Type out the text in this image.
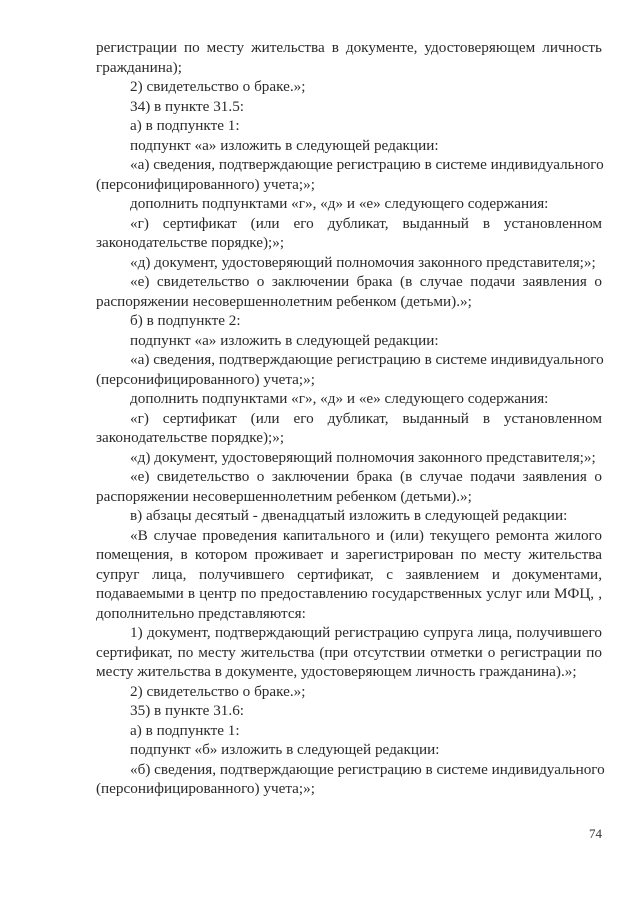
регистрации по месту жительства в документе, удостоверяющем личность
гражданина);
2) свидетельство о браке.»;
34) в пункте 31.5:
а) в подпункте 1:
подпункт «а» изложить в следующей редакции:
«а) сведения, подтверждающие регистрацию в системе индивидуального
(персонифицированного) учета;»;
дополнить подпунктами «г», «д» и «е» следующего содержания:
«г) сертификат (или его дубликат, выданный в установленном
законодательстве порядке);»;
«д) документ, удостоверяющий полномочия законного представителя;»;
«е) свидетельство о заключении брака (в случае подачи заявления о
распоряжении несовершеннолетним ребенком (детьми).»;
б) в подпункте 2:
подпункт «а» изложить в следующей редакции:
«а) сведения, подтверждающие регистрацию в системе индивидуального
(персонифицированного) учета;»;
дополнить подпунктами «г», «д» и «е» следующего содержания:
«г) сертификат (или его дубликат, выданный в установленном
законодательстве порядке);»;
«д) документ, удостоверяющий полномочия законного представителя;»;
«е) свидетельство о заключении брака (в случае подачи заявления о
распоряжении несовершеннолетним ребенком (детьми).»;
в) абзацы десятый - двенадцатый изложить в следующей редакции:
«В случае проведения капитального и (или) текущего ремонта жилого
помещения, в котором проживает и зарегистрирован по месту жительства
супруг лица, получившего сертификат, с заявлением и документами,
подаваемыми в центр по предоставлению государственных услуг или МФЦ, ,
дополнительно представляются:
1) документ, подтверждающий регистрацию супруга лица, получившего
сертификат, по месту жительства (при отсутствии отметки о регистрации по
месту жительства в документе, удостоверяющем личность гражданина).»;
2) свидетельство о браке.»;
35) в пункте 31.6:
а) в подпункте 1:
подпункт «б» изложить в следующей редакции:
«б) сведения, подтверждающие регистрацию в системе индивидуального
(персонифицированного) учета;»;
74
